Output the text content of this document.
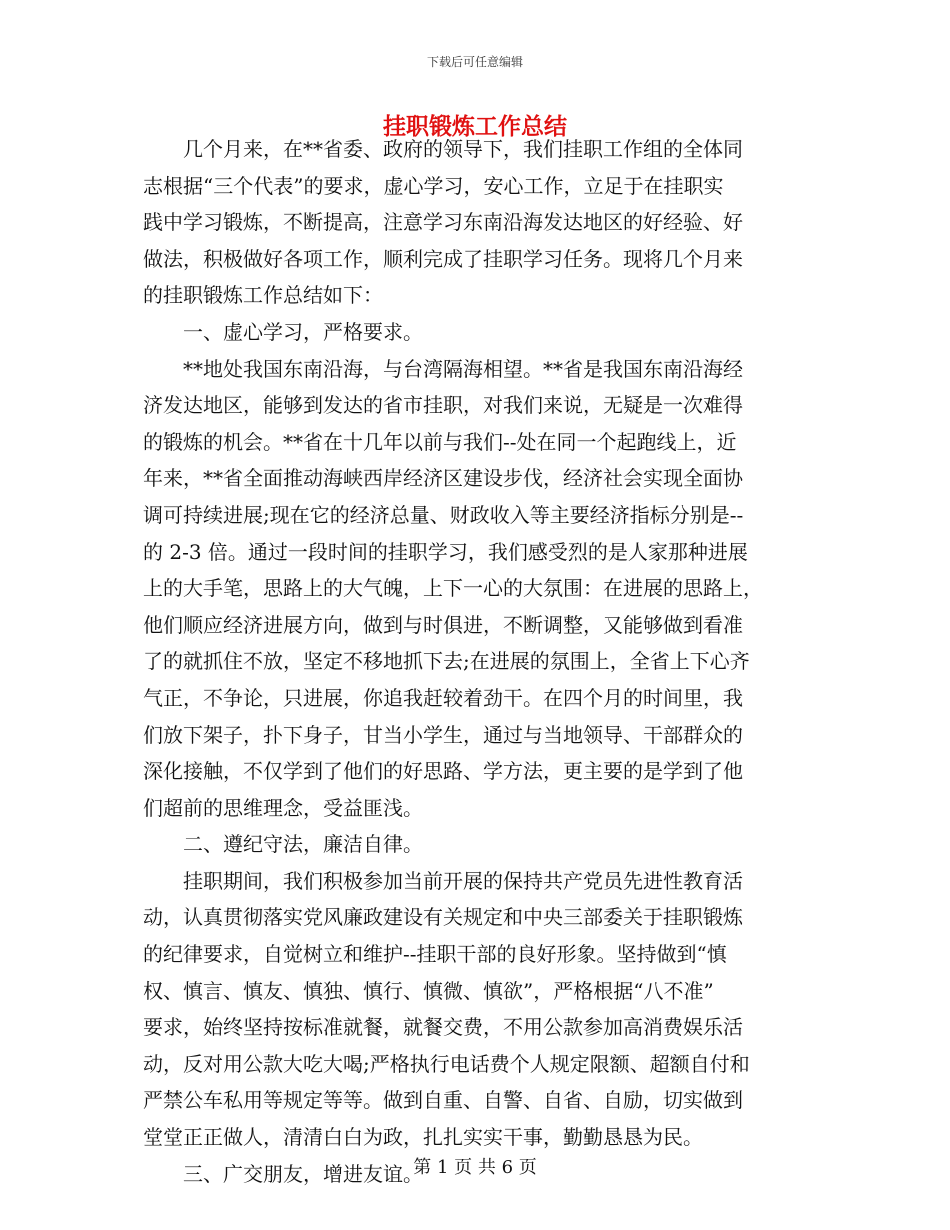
下载后可任意编辑
挂职锻炼工作总结
　　几个月来，在**省委、政府的领导下，我们挂职工作组的全体同
志根据“三个代表”的要求，虚心学习，安心工作，立足于在挂职实
践中学习锻炼，不断提高，注意学习东南沿海发达地区的好经验、好
做法，积极做好各项工作，顺利完成了挂职学习任务。现将几个月来
的挂职锻炼工作总结如下：
　　一、虚心学习，严格要求。
　　**地处我国东南沿海，与台湾隔海相望。**省是我国东南沿海经
济发达地区，能够到发达的省市挂职，对我们来说，无疑是一次难得
的锻炼的机会。**省在十几年以前与我们--处在同一个起跑线上，近
年来，**省全面推动海峡西岸经济区建设步伐，经济社会实现全面协
调可持续进展;现在它的经济总量、财政收入等主要经济指标分别是--
的 2-3 倍。通过一段时间的挂职学习，我们感受烈的是人家那种进展
上的大手笔，思路上的大气魄，上下一心的大氛围：在进展的思路上，
他们顺应经济进展方向，做到与时俱进，不断调整，又能够做到看准
了的就抓住不放，坚定不移地抓下去;在进展的氛围上，全省上下心齐
气正，不争论，只进展，你追我赶较着劲干。在四个月的时间里，我
们放下架子，扑下身子，甘当小学生，通过与当地领导、干部群众的
深化接触，不仅学到了他们的好思路、学方法，更主要的是学到了他
们超前的思维理念，受益匪浅。
　　二、遵纪守法，廉洁自律。
　　挂职期间，我们积极参加当前开展的保持共产党员先进性教育活
动，认真贯彻落实党风廉政建设有关规定和中央三部委关于挂职锻炼
的纪律要求，自觉树立和维护--挂职干部的良好形象。坚持做到“慎
权、慎言、慎友、慎独、慎行、慎微、慎欲”，严格根据“八不准”
要求，始终坚持按标准就餐，就餐交费，不用公款参加高消费娱乐活
动，反对用公款大吃大喝;严格执行电话费个人规定限额、超额自付和
严禁公车私用等规定等等。做到自重、自警、自省、自励，切实做到
堂堂正正做人，清清白白为政，扎扎实实干事，勤勤恳恳为民。
　　三、广交朋友，增进友谊。
第 1 页 共 6 页
